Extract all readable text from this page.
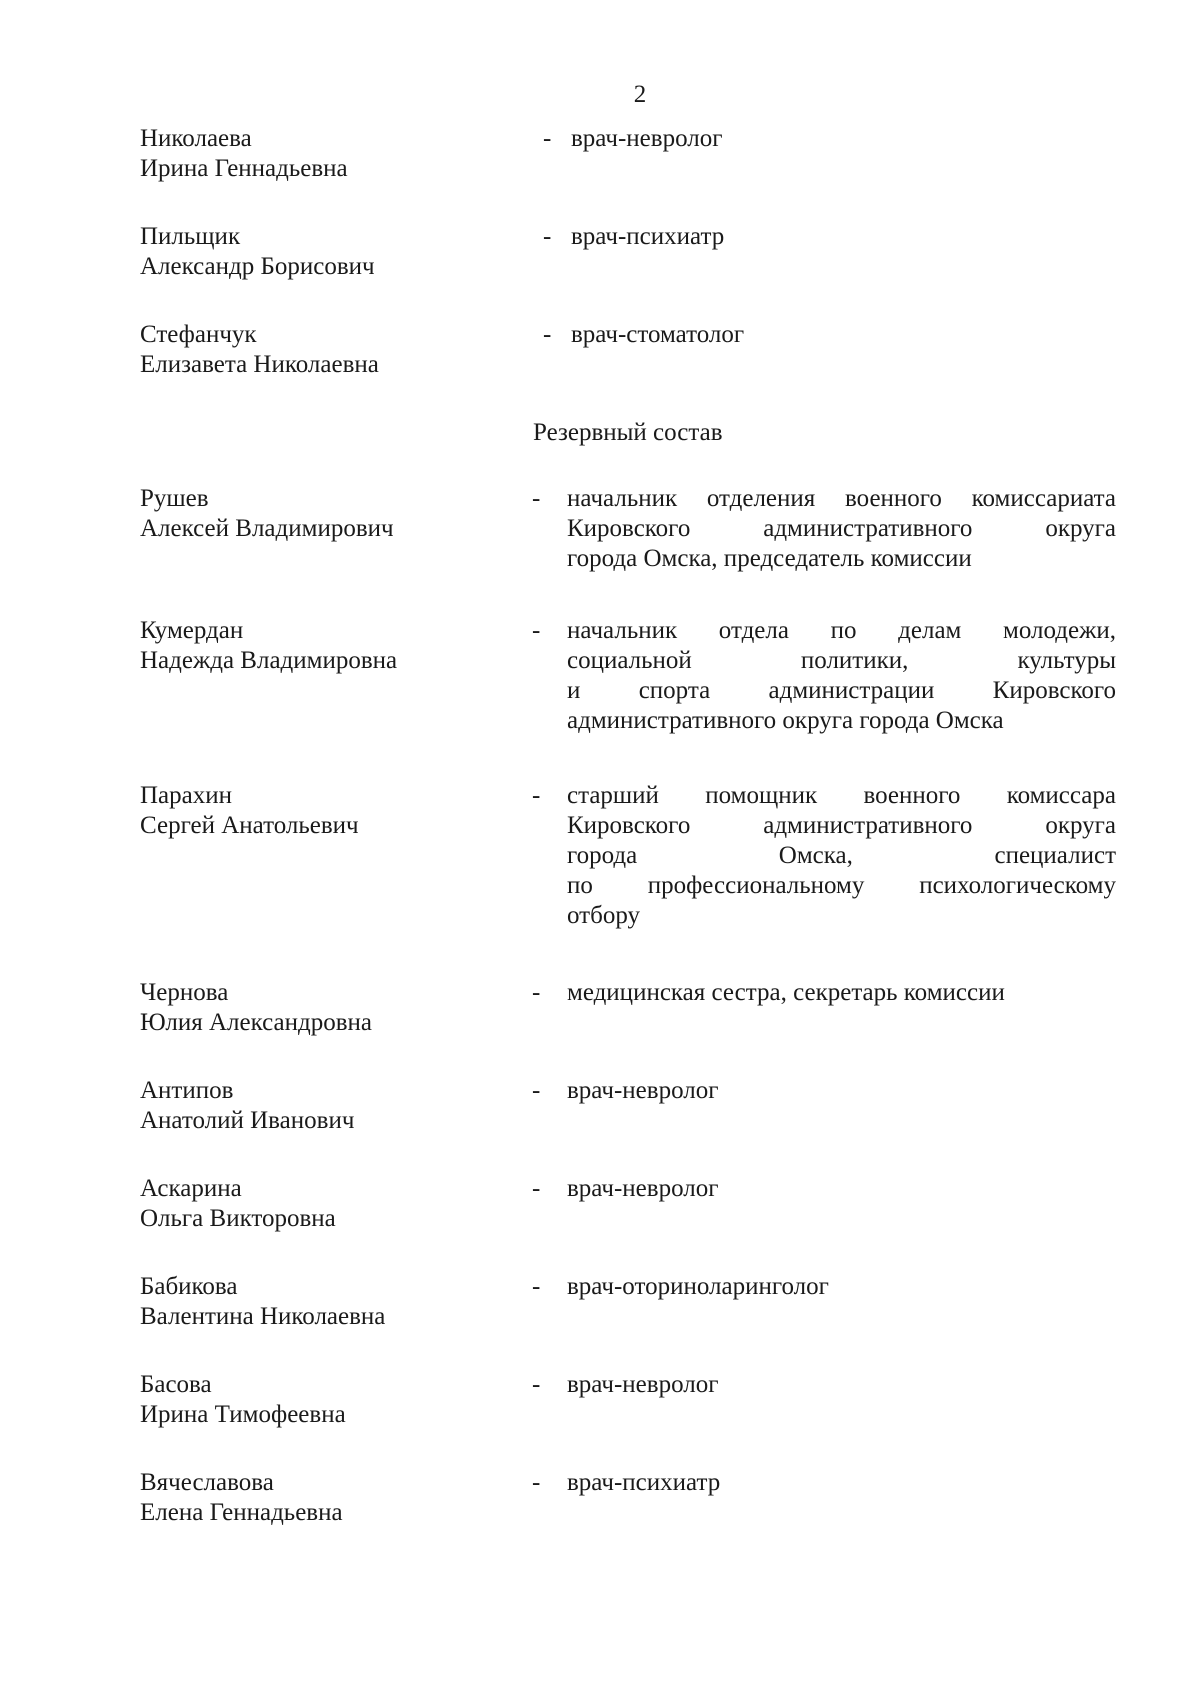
2
Николаева
Ирина Геннадьевна
- врач-невролог
Пильщик
Александр Борисович
- врач-психиатр
Стефанчук
Елизавета Николаевна
- врач-стоматолог
Резервный состав
Рушев
Алексей Владимирович
- начальник отделения военного комиссариата
Кировского административного округа
города Омска, председатель комиссии
Кумердан
Надежда Владимировна
- начальник отдела по делам молодежи,
социальной политики, культуры
и спорта администрации Кировского
административного округа города Омска
Парахин
Сергей Анатольевич
- старший помощник военного комиссара
Кировского административного округа
города Омска, специалист
по профессиональному психологическому
отбору
Чернова
Юлия Александровна
- медицинская сестра, секретарь комиссии
Антипов
Анатолий Иванович
- врач-невролог
Аскарина
Ольга Викторовна
- врач-невролог
Бабикова
Валентина Николаевна
- врач-оториноларинголог
Басова
Ирина Тимофеевна
- врач-невролог
Вячеславова
Елена Геннадьевна
- врач-психиатр
